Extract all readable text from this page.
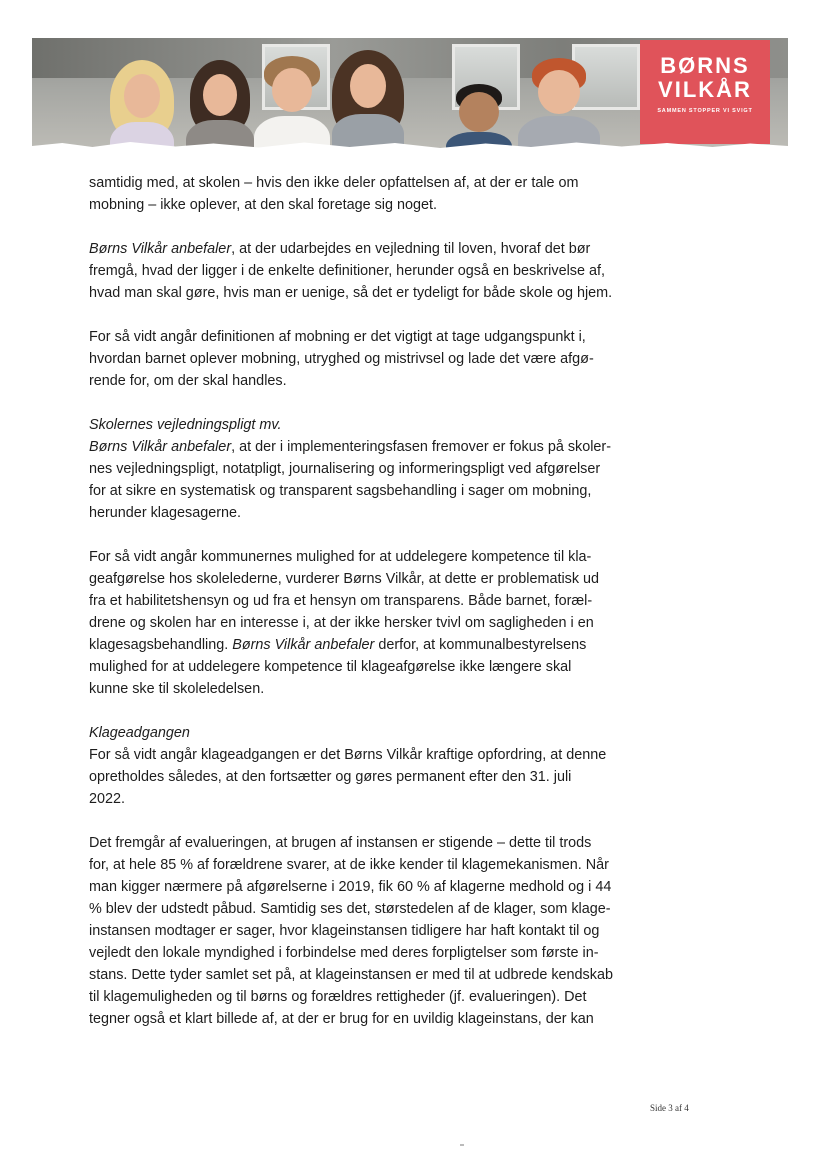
BØRNS
VILKÅR
SAMMEN STOPPER VI SVIGT

samtidig med, at skolen – hvis den ikke deler opfattelsen af, at der er tale om
mobning – ikke oplever, at den skal foretage sig noget.

Børns Vilkår anbefaler, at der udarbejdes en vejledning til loven, hvoraf det bør
fremgå, hvad der ligger i de enkelte definitioner, herunder også en beskrivelse af,
hvad man skal gøre, hvis man er uenige, så det er tydeligt for både skole og hjem.

For så vidt angår definitionen af mobning er det vigtigt at tage udgangspunkt i,
hvordan barnet oplever mobning, utryghed og mistrivsel og lade det være afgø-
rende for, om der skal handles.

Skolernes vejledningspligt mv.
Børns Vilkår anbefaler, at der i implementeringsfasen fremover er fokus på skoler-
nes vejledningspligt, notatpligt, journalisering og informeringspligt ved afgørelser
for at sikre en systematisk og transparent sagsbehandling i sager om mobning,
herunder klagesagerne.

For så vidt angår kommunernes mulighed for at uddelegere kompetence til kla-
geafgørelse hos skolelederne, vurderer Børns Vilkår, at dette er problematisk ud
fra et habilitetshensyn og ud fra et hensyn om transparens. Både barnet, foræl-
drene og skolen har en interesse i, at der ikke hersker tvivl om sagligheden i en
klagesagsbehandling. Børns Vilkår anbefaler derfor, at kommunalbestyrelsens
mulighed for at uddelegere kompetence til klageafgørelse ikke længere skal
kunne ske til skoleledelsen.

Klageadgangen
For så vidt angår klageadgangen er det Børns Vilkår kraftige opfordring, at denne
opretholdes således, at den fortsætter og gøres permanent efter den 31. juli
2022.

Det fremgår af evalueringen, at brugen af instansen er stigende – dette til trods
for, at hele 85 % af forældrene svarer, at de ikke kender til klagemekanismen. Når
man kigger nærmere på afgørelserne i 2019, fik 60 % af klagerne medhold og i 44
% blev der udstedt påbud. Samtidig ses det, størstedelen af de klager, som klage-
instansen modtager er sager, hvor klageinstansen tidligere har haft kontakt til og
vejledt den lokale myndighed i forbindelse med deres forpligtelser som første in-
stans. Dette tyder samlet set på, at klageinstansen er med til at udbrede kendskab
til klagemuligheden og til børns og forældres rettigheder (jf. evalueringen). Det
tegner også et klart billede af, at der er brug for en uvildig klageinstans, der kan

Side 3 af 4
